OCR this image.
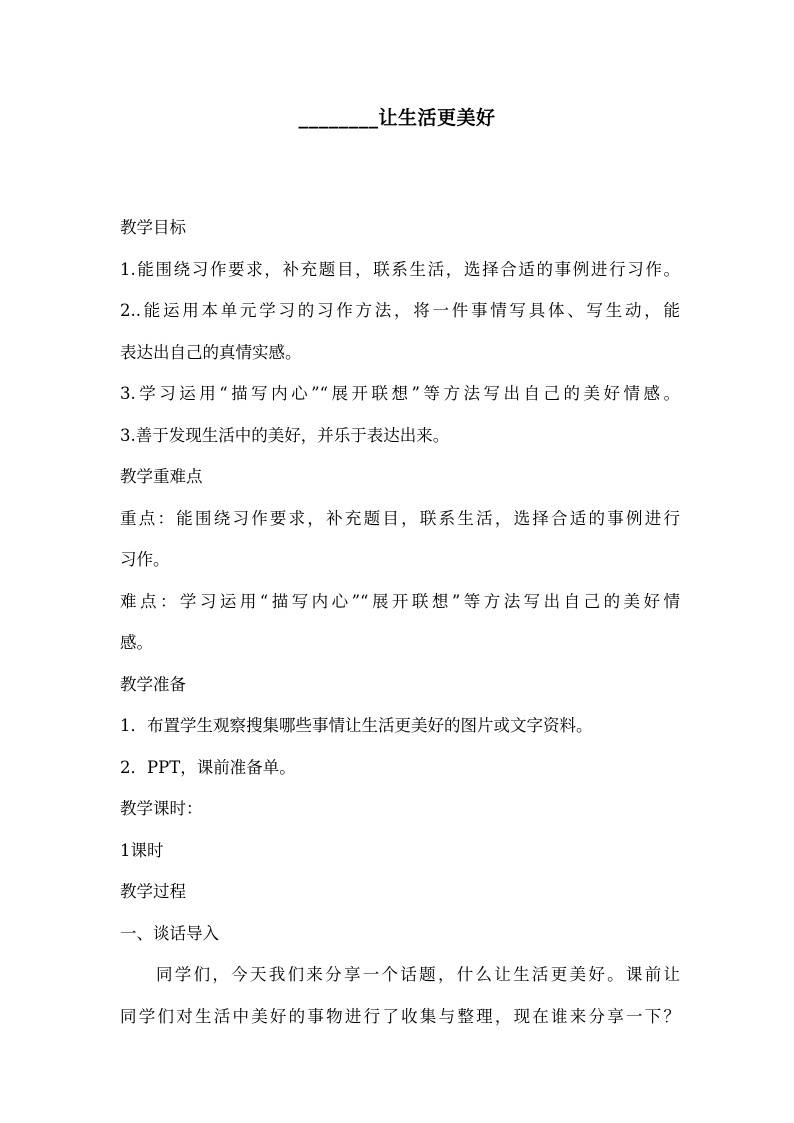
________让生活更美好
教学目标
1.能围绕习作要求，补充题目，联系生活，选择合适的事例进行习作。
2..能运用本单元学习的习作方法，将一件事情写具体、写生动，能
表达出自己的真情实感。
3.学习运用“描写内心”“展开联想”等方法写出自己的美好情感。
3.善于发现生活中的美好，并乐于表达出来。
教学重难点
重点：能围绕习作要求，补充题目，联系生活，选择合适的事例进行
习作。
难点：学习运用“描写内心”“展开联想”等方法写出自己的美好情
感。
教学准备
1．布置学生观察搜集哪些事情让生活更美好的图片或文字资料。
2．PPT，课前准备单。
教学课时：
1课时
教学过程
一、谈话导入
同学们，今天我们来分享一个话题，什么让生活更美好。课前让
同学们对生活中美好的事物进行了收集与整理，现在谁来分享一下？
